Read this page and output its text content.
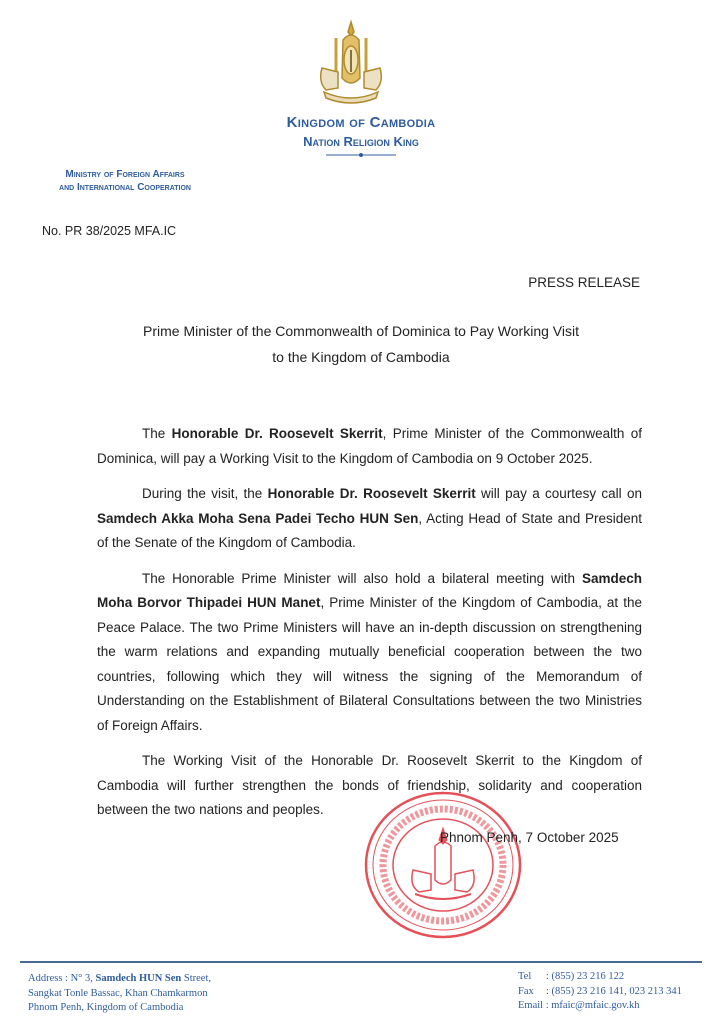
Kingdom of Cambodia
Nation Religion King
Ministry of Foreign Affairs
and International Cooperation
No. PR 38/2025 MFA.IC
PRESS RELEASE
Prime Minister of the Commonwealth of Dominica to Pay Working Visit
to the Kingdom of Cambodia

The Honorable Dr. Roosevelt Skerrit, Prime Minister of the Commonwealth of Dominica, will pay a Working Visit to the Kingdom of Cambodia on 9 October 2025.

During the visit, the Honorable Dr. Roosevelt Skerrit will pay a courtesy call on Samdech Akka Moha Sena Padei Techo HUN Sen, Acting Head of State and President of the Senate of the Kingdom of Cambodia.

The Honorable Prime Minister will also hold a bilateral meeting with Samdech Moha Borvor Thipadei HUN Manet, Prime Minister of the Kingdom of Cambodia, at the Peace Palace. The two Prime Ministers will have an in-depth discussion on strengthening the warm relations and expanding mutually beneficial cooperation between the two countries, following which they will witness the signing of the Memorandum of Understanding on the Establishment of Bilateral Consultations between the two Ministries of Foreign Affairs.

The Working Visit of the Honorable Dr. Roosevelt Skerrit to the Kingdom of Cambodia will further strengthen the bonds of friendship, solidarity and cooperation between the two nations and peoples.

Phnom Penh, 7 October 2025
Address : N° 3, Samdech HUN Sen Street,
Sangkat Tonle Bassac, Khan Chamkarmon
Phnom Penh, Kingdom of Cambodia
Tel : (855) 23 216 122
Fax : (855) 23 216 141, 023 213 341
Email : mfaic@mfaic.gov.kh
